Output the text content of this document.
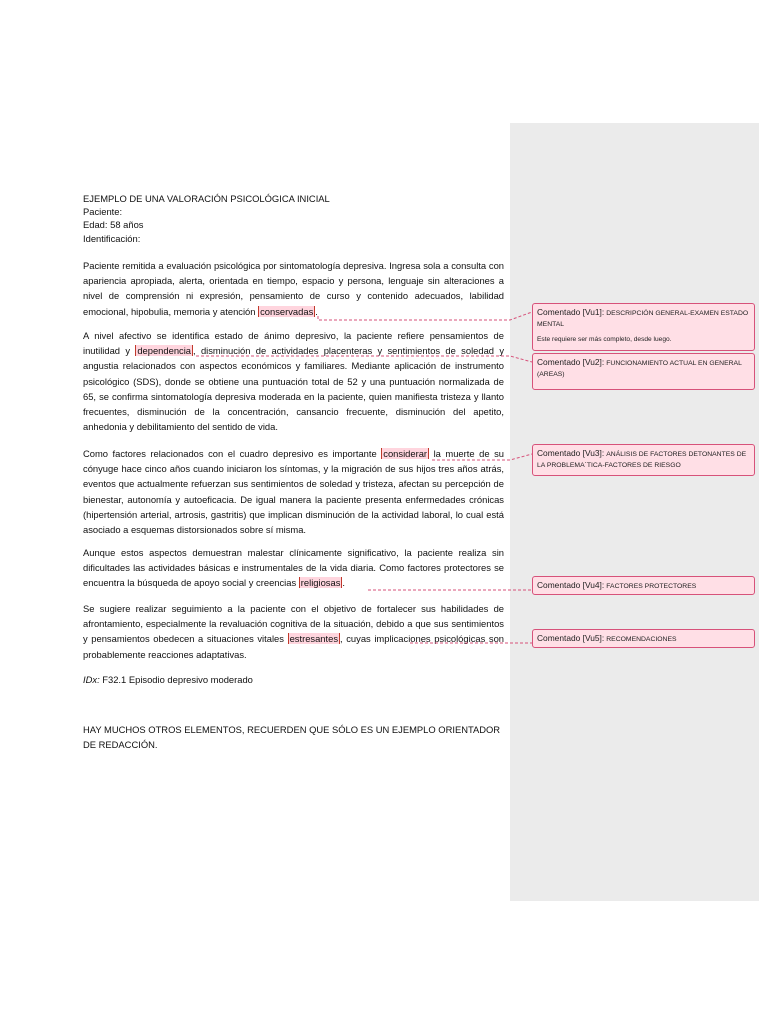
EJEMPLO DE UNA VALORACIÓN PSICOLÓGICA INICIAL

Paciente:

Edad: 58 años

Identificación:

Paciente remitida a evaluación psicológica por sintomatología depresiva. Ingresa sola a consulta con apariencia apropiada, alerta, orientada en tiempo, espacio y persona, lenguaje sin alteraciones a nivel de comprensión ni expresión, pensamiento de curso y contenido adecuados, labilidad emocional, hipobulia, memoria y atención conservadas .

A nivel afectivo se identifica estado de ánimo depresivo, la paciente refiere pensamientos de inutilidad y dependencia , disminución de actividades placenteras y sentimientos de soledad y angustia relacionados con aspectos económicos y familiares. Mediante aplicación de instrumento psicológico (SDS), donde se obtiene una puntuación total de 52 y una puntuación normalizada de 65, se confirma sintomatología depresiva moderada en la paciente, quien manifiesta tristeza y llanto frecuentes, disminución de la concentración, cansancio frecuente, disminución del apetito, anhedonia y debilitamiento del sentido de vida.

Como factores relacionados con el cuadro depresivo es importante considerar la muerte de su cónyuge hace cinco años cuando iniciaron los síntomas, y la migración de sus hijos tres años atrás, eventos que actualmente refuerzan sus sentimientos de soledad y tristeza, afectan su percepción de bienestar, autonomía y autoeficacia. De igual manera la paciente presenta enfermedades crónicas (hipertensión arterial, artrosis, gastritis) que implican disminución de la actividad laboral, lo cual está asociado a esquemas distorsionados sobre sí misma.

Aunque estos aspectos demuestran malestar clínicamente significativo, la paciente realiza sin dificultades las actividades básicas e instrumentales de la vida diaria. Como factores protectores se encuentra la búsqueda de apoyo social y creencias religiosas .

Se sugiere realizar seguimiento a la paciente con el objetivo de fortalecer sus habilidades de afrontamiento, especialmente la revaluación cognitiva de la situación, debido a que sus sentimientos y pensamientos obedecen a situaciones vitales estresantes , cuyas implicaciones psicológicas son probablemente reacciones adaptativas.

IDx: F32.1 Episodio depresivo moderado

HAY MUCHOS OTROS ELEMENTOS, RECUERDEN QUE SÓLO ES UN EJEMPLO ORIENTADOR DE REDACCIÓN.

Comentado [Vu1]: DESCRIPCIÓN GENERAL-EXAMEN ESTADO MENTAL
Este requiere ser más completo, desde luego.
Comentado [Vu2]: FUNCIONAMIENTO ACTUAL EN GENERAL (AREAS)
Comentado [Vu3]: ANÁLISIS DE FACTORES DETONANTES DE LA PROBLEMA´TICA-FACTORES DE RIESGO
Comentado [Vu4]: FACTORES PROTECTORES
Comentado [Vu5]: RECOMENDACIONES
